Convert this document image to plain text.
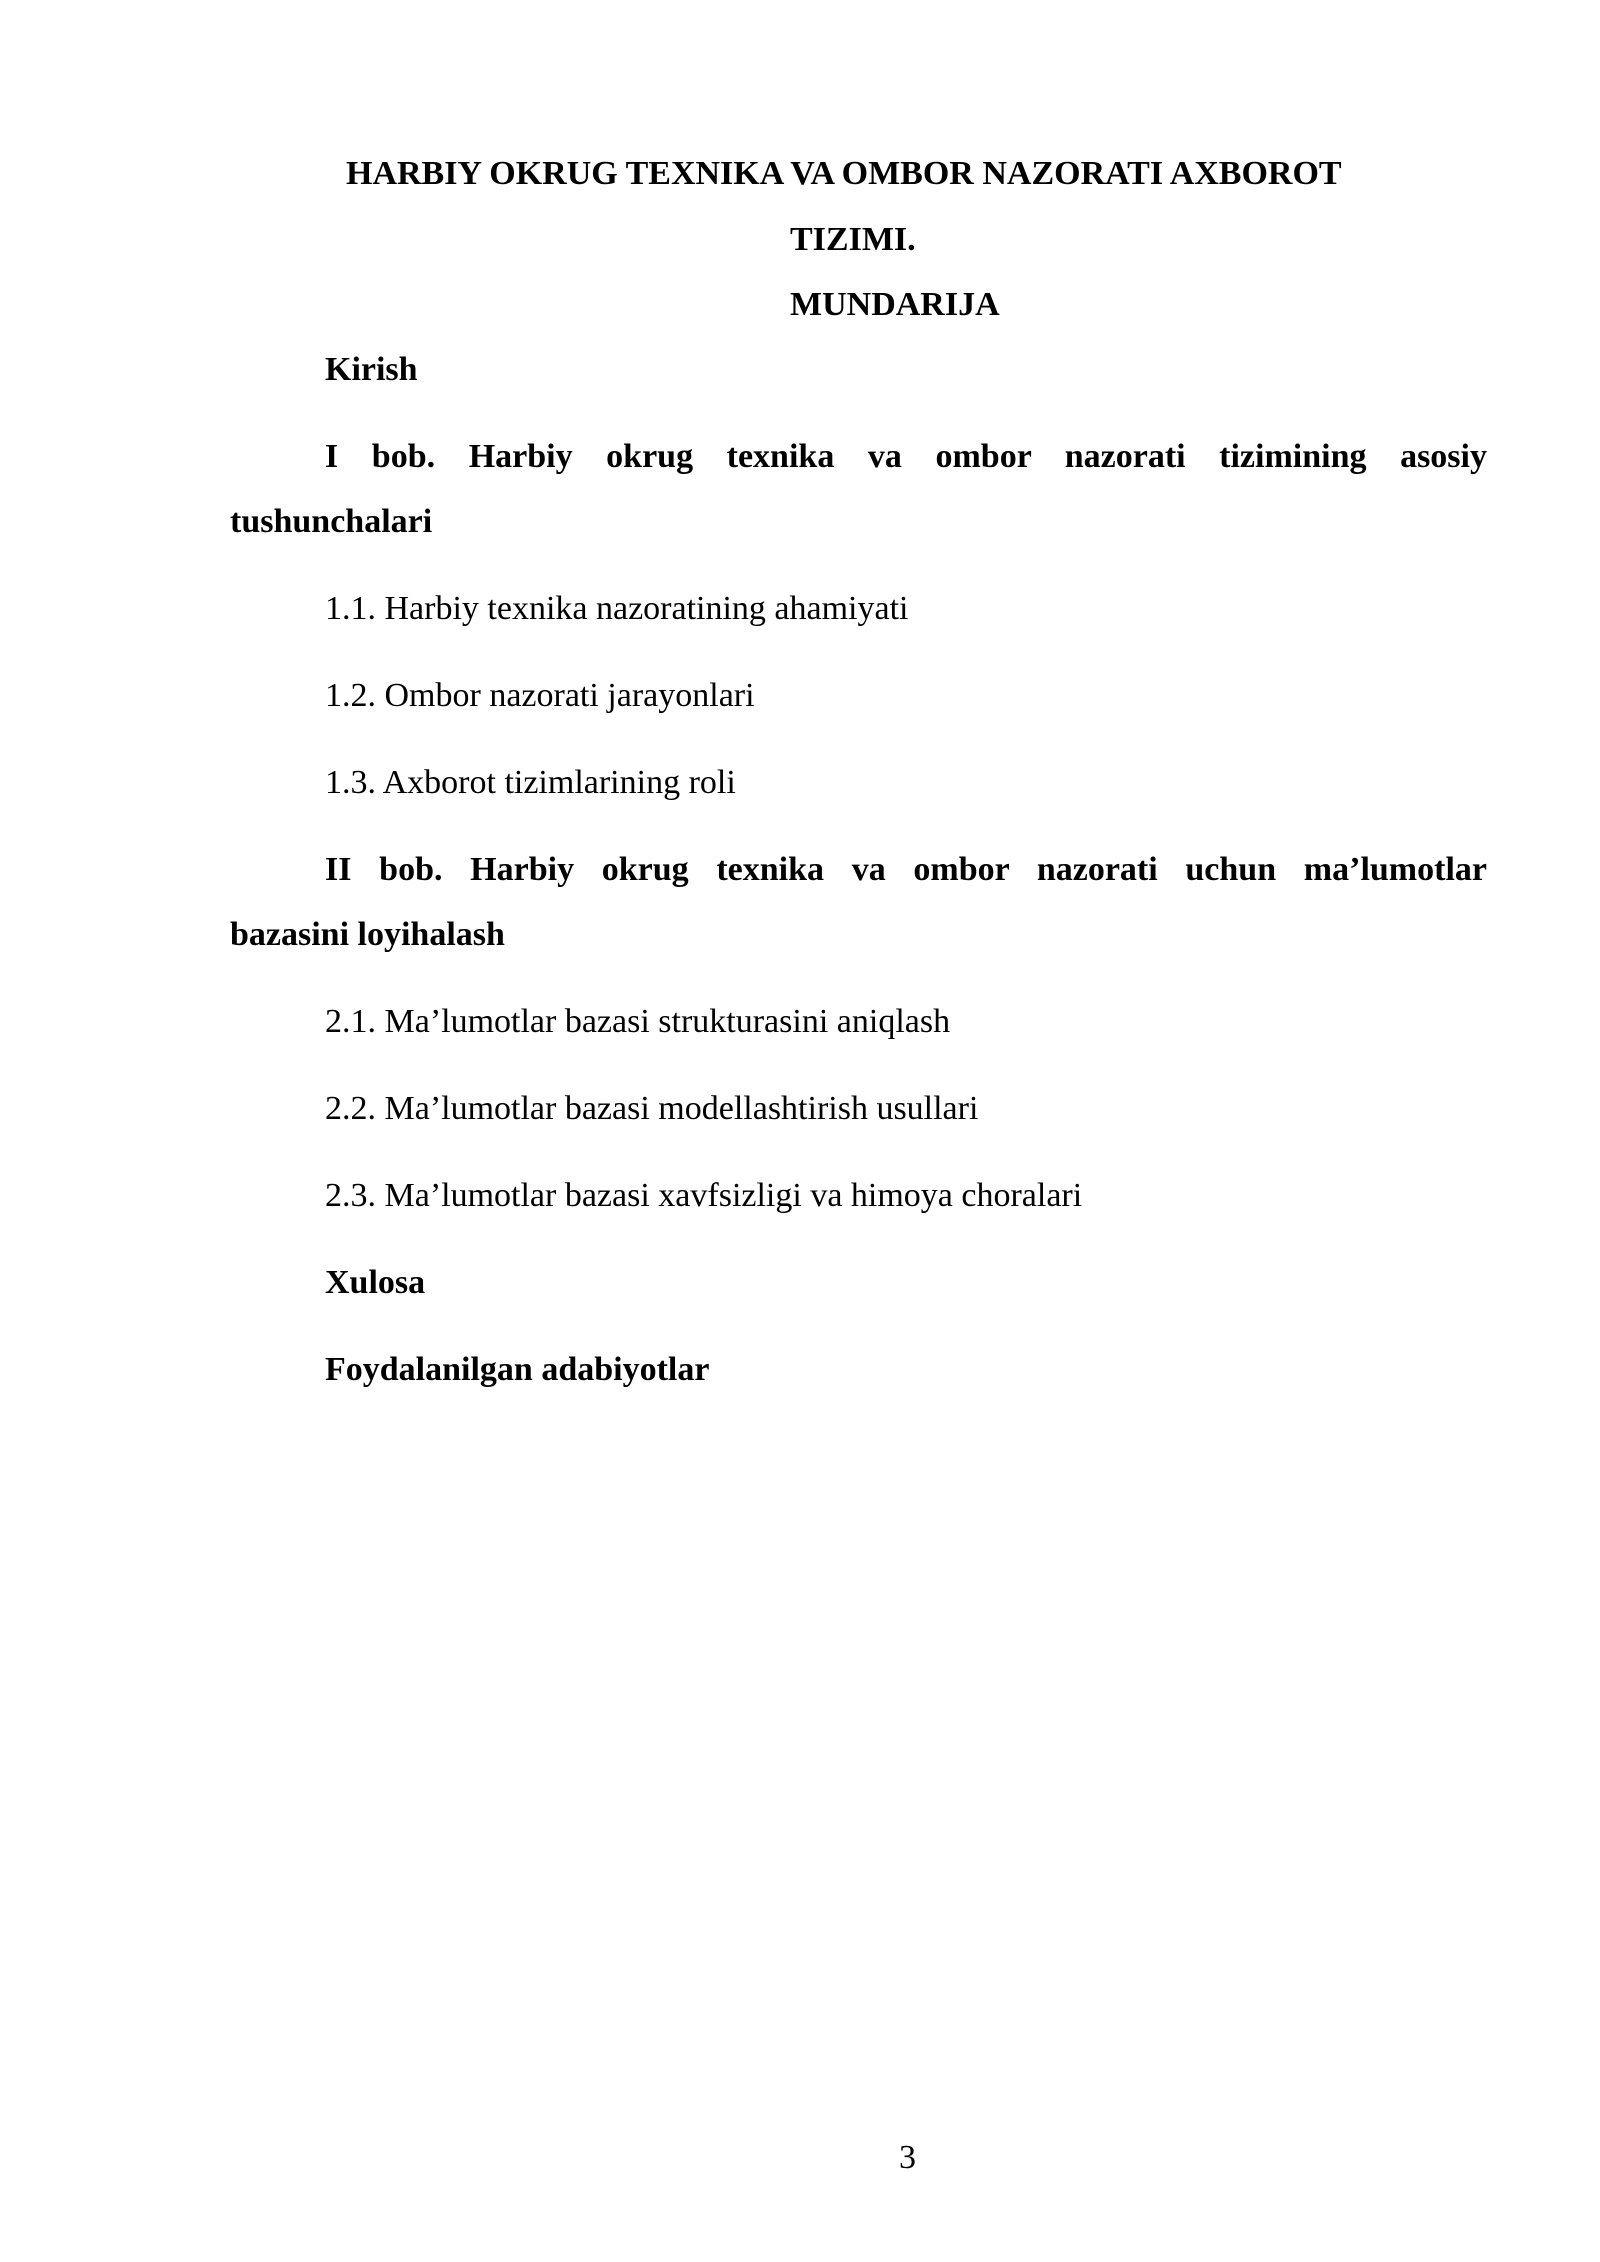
HARBIY OKRUG TEXNIKA VA OMBOR NAZORATI AXBOROT
TIZIMI.
MUNDARIJA
Kirish
I bob. Harbiy okrug texnika va ombor nazorati tizimining asosiy
tushunchalari
1.1. Harbiy texnika nazoratining ahamiyati
1.2. Ombor nazorati jarayonlari
1.3. Axborot tizimlarining roli
II bob. Harbiy okrug texnika va ombor nazorati uchun ma’lumotlar
bazasini loyihalash
2.1. Ma’lumotlar bazasi strukturasini aniqlash
2.2. Ma’lumotlar bazasi modellashtirish usullari
2.3. Ma’lumotlar bazasi xavfsizligi va himoya choralari
Xulosa
Foydalanilgan adabiyotlar
3
